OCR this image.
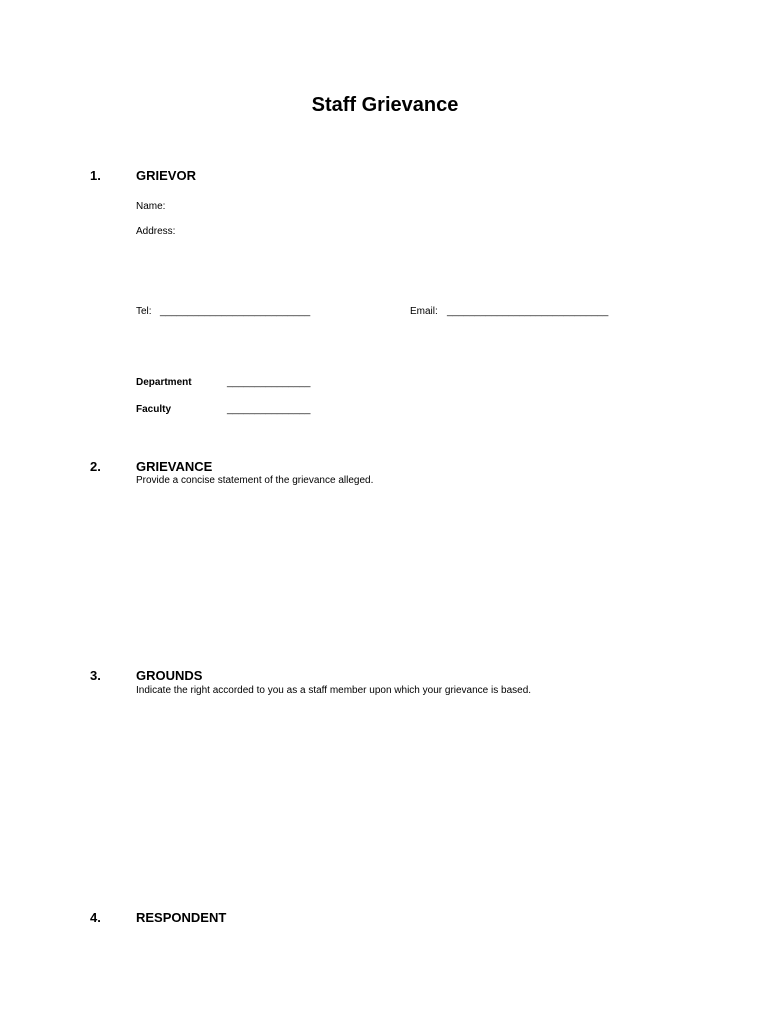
Staff Grievance
1.	GRIEVOR
Name:
Address:
Tel: ___________________________	Email: _____________________________
Department	_______________
Faculty	_______________
2.	GRIEVANCE
Provide a concise statement of the grievance alleged.
3.	GROUNDS
Indicate the right accorded to you as a staff member upon which your grievance is based.
4.	RESPONDENT
